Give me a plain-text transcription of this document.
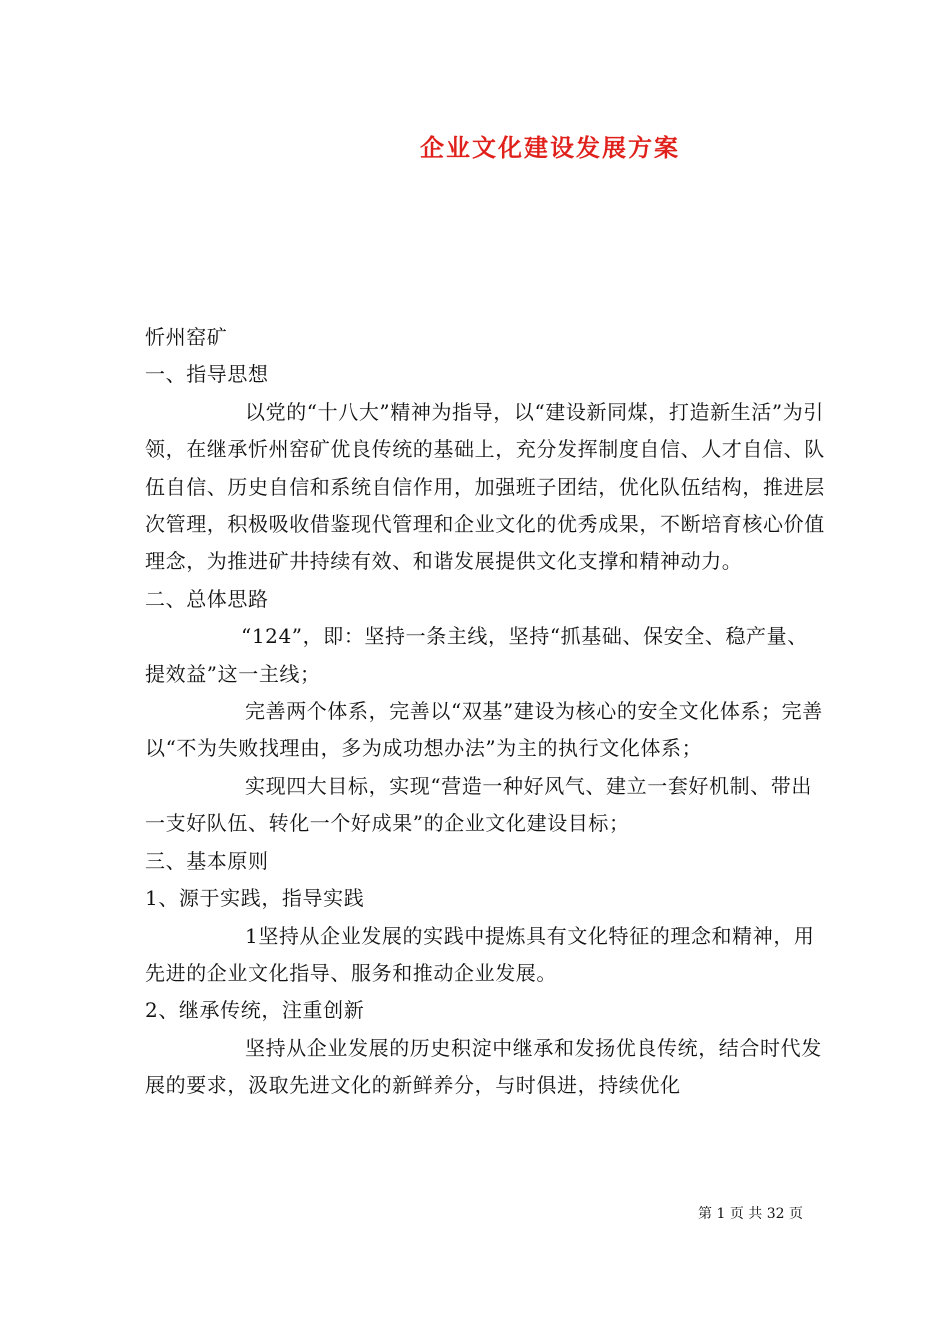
企业文化建设发展方案

忻州窑矿

一、指导思想

以党的“十八大”精神为指导，以“建设新同煤，打造新生活”为引领，在继承忻州窑矿优良传统的基础上，充分发挥制度自信、人才自信、队伍自信、历史自信和系统自信作用，加强班子团结，优化队伍结构，推进层次管理，积极吸收借鉴现代管理和企业文化的优秀成果，不断培育核心价值理念，为推进矿井持续有效、和谐发展提供文化支撑和精神动力。

二、总体思路

“124”，即：坚持一条主线，坚持“抓基础、保安全、稳产量、提效益”这一主线；

完善两个体系，完善以“双基”建设为核心的安全文化体系；完善以“不为失败找理由，多为成功想办法”为主的执行文化体系；

实现四大目标，实现“营造一种好风气、建立一套好机制、带出一支好队伍、转化一个好成果”的企业文化建设目标；

三、基本原则

1、源于实践，指导实践

1坚持从企业发展的实践中提炼具有文化特征的理念和精神，用先进的企业文化指导、服务和推动企业发展。

2、继承传统，注重创新

坚持从企业发展的历史积淀中继承和发扬优良传统，结合时代发展的要求，汲取先进文化的新鲜养分，与时俱进，持续优化

第 1 页 共 32 页
